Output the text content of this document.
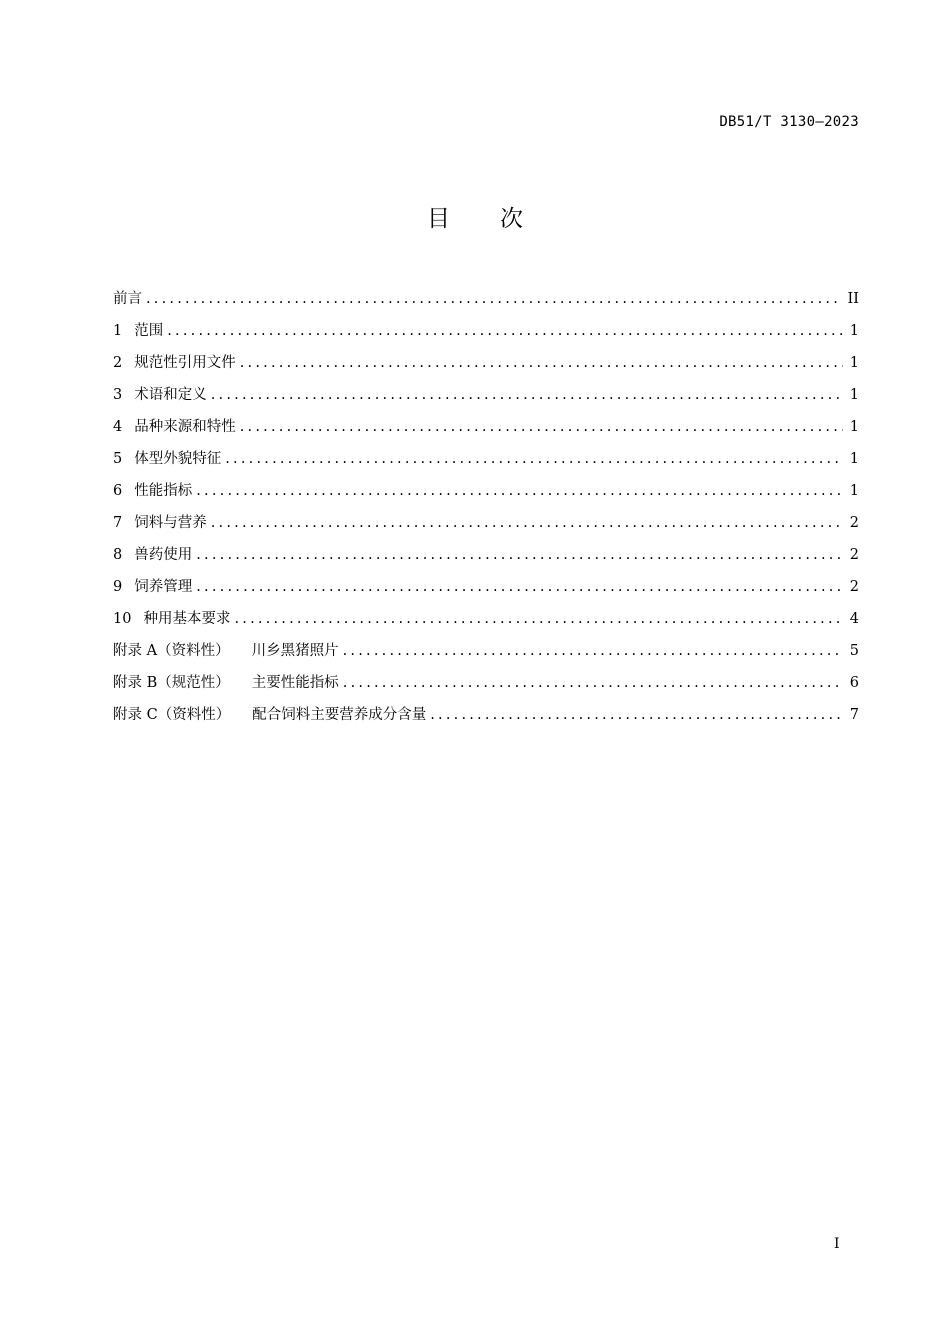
DB51/T 3130—2023
目 次
前言 .....	II
1 范围 .....	1
2 规范性引用文件 .....	1
3 术语和定义 .....	1
4 品种来源和特性 .....	1
5 体型外貌特征 .....	1
6 性能指标 .....	1
7 饲料与营养 .....	2
8 兽药使用 .....	2
9 饲养管理 .....	2
10 种用基本要求 .....	4
附录 A（资料性） 川乡黑猪照片 .....	5
附录 B（规范性） 主要性能指标 .....	6
附录 C（资料性） 配合饲料主要营养成分含量 .....	7
I
